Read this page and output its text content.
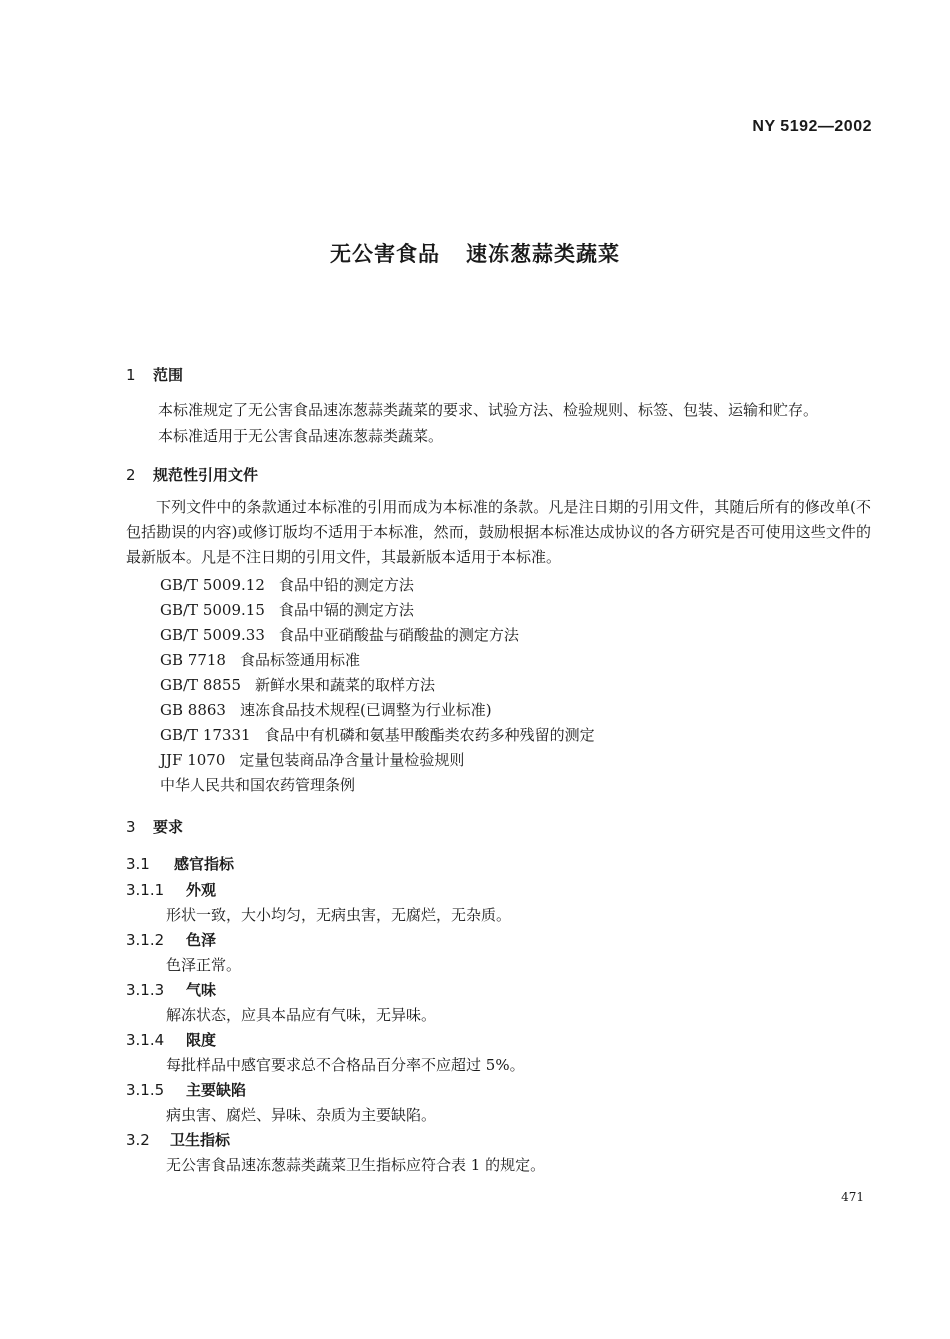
NY 5192—2002
无公害食品 速冻葱蒜类蔬菜
1 范围
本标准规定了无公害食品速冻葱蒜类蔬菜的要求、试验方法、检验规则、标签、包装、运输和贮存。
本标准适用于无公害食品速冻葱蒜类蔬菜。
2 规范性引用文件
下列文件中的条款通过本标准的引用而成为本标准的条款。凡是注日期的引用文件，其随后所有的修改单(不包括勘误的内容)或修订版均不适用于本标准，然而，鼓励根据本标准达成协议的各方研究是否可使用这些文件的最新版本。凡是不注日期的引用文件，其最新版本适用于本标准。
GB/T 5009.12 食品中铅的测定方法
GB/T 5009.15 食品中镉的测定方法
GB/T 5009.33 食品中亚硝酸盐与硝酸盐的测定方法
GB 7718 食品标签通用标准
GB/T 8855 新鲜水果和蔬菜的取样方法
GB 8863 速冻食品技术规程(已调整为行业标准)
GB/T 17331 食品中有机磷和氨基甲酸酯类农药多种残留的测定
JJF 1070 定量包装商品净含量计量检验规则
中华人民共和国农药管理条例
3 要求
3.1 感官指标
3.1.1 外观
形状一致，大小均匀，无病虫害，无腐烂，无杂质。
3.1.2 色泽
色泽正常。
3.1.3 气味
解冻状态，应具本品应有气味，无异味。
3.1.4 限度
每批样品中感官要求总不合格品百分率不应超过 5%。
3.1.5 主要缺陷
病虫害、腐烂、异味、杂质为主要缺陷。
3.2 卫生指标
无公害食品速冻葱蒜类蔬菜卫生指标应符合表 1 的规定。
471
